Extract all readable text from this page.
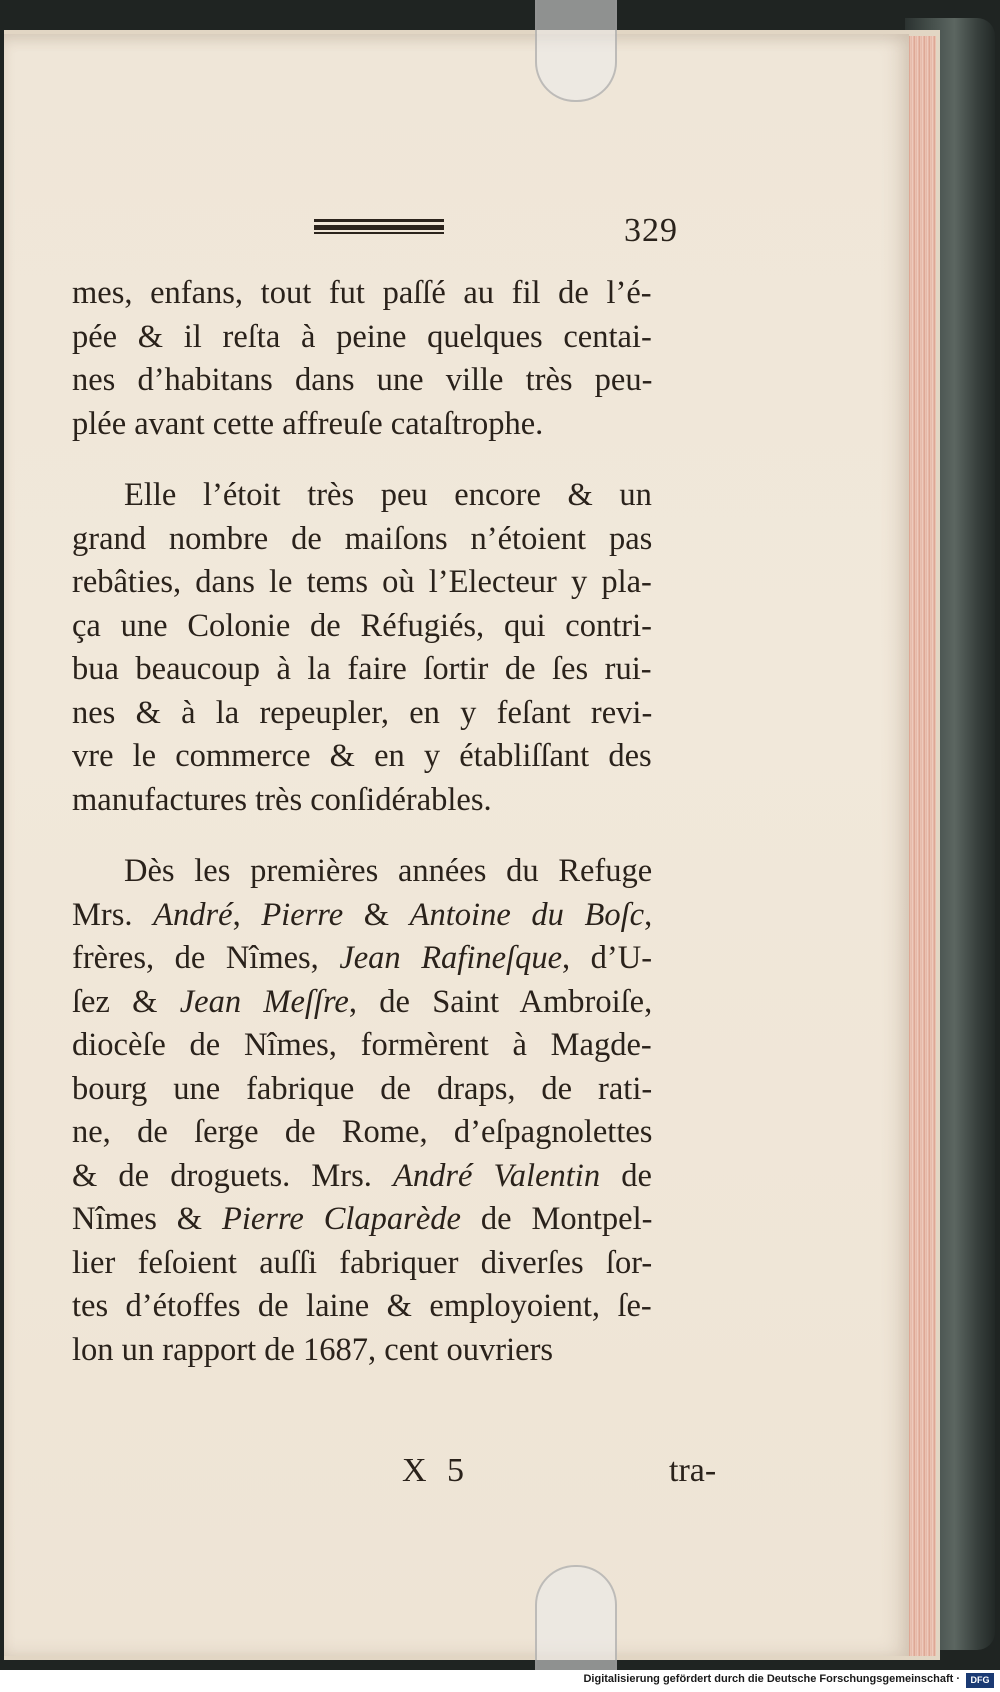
329
mes, enfans, tout fut paſſé au fil de l’é-
pée & il reſta à peine quelques centai-
nes d’habitans dans une ville très peu-
plée avant cette affreuſe cataſtrophe.
Elle l’étoit très peu encore & un
grand nombre de maiſons n’étoient pas
rebâties, dans le tems où l’Electeur y pla-
ça une Colonie de Réfugiés, qui contri-
bua beaucoup à la faire ſortir de ſes rui-
nes & à la repeupler, en y feſant revi-
vre le commerce & en y établiſſant des
manufactures très conſidérables.
Dès les premières années du Refuge
Mrs. André, Pierre & Antoine du Boſc,
frères, de Nîmes, Jean Rafineſque, d’U-
ſez & Jean Meſſre, de Saint Ambroiſe,
diocèſe de Nîmes, formèrent à Magde-
bourg une fabrique de draps, de rati-
ne, de ſerge de Rome, d’eſpagnolettes
& de droguets. Mrs. André Valentin de
Nîmes & Pierre Claparède de Montpel-
lier feſoient auſſi fabriquer diverſes ſor-
tes d’étoffes de laine & employoient, ſe-
lon un rapport de 1687, cent ouvriers
X 5	tra-
Digitalisierung gefördert durch die Deutsche Forschungsgemeinschaft ·	DFG
